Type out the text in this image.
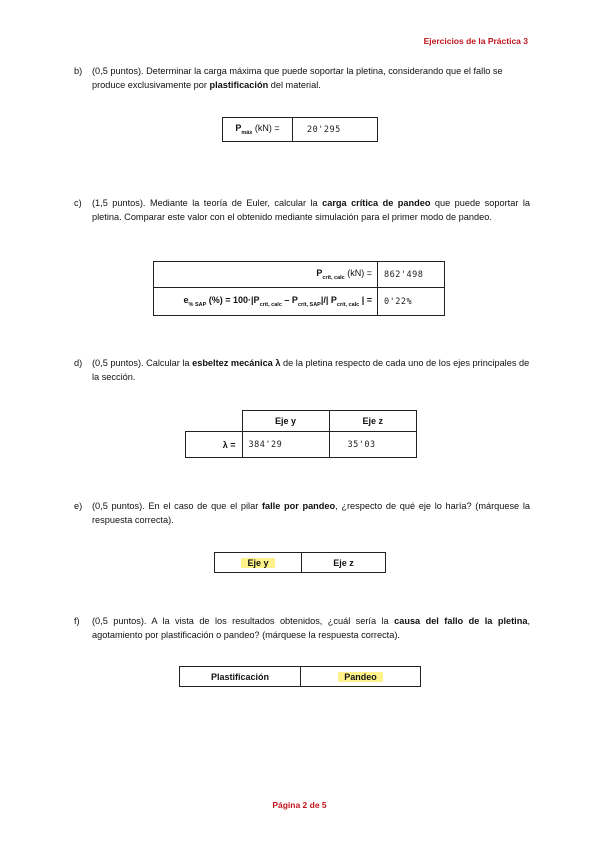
Ejercicios de la Práctica 3
b) (0,5 puntos). Determinar la carga máxima que puede soportar la pletina, considerando que el fallo se produce exclusivamente por plastificación del material.
$P_{máx}$ (kN) =	20'295
c) (1,5 puntos). Mediante la teoría de Euler, calcular la carga crítica de pandeo que puede soportar la pletina. Comparar este valor con el obtenido mediante simulación para el primer modo de pandeo.
$P_{crít, calc}$ (kN) =	862'498
$e_{\% SAP}$ (%) = $100\cdot|P_{crít, calc} - P_{crít, SAP}|/|$ $P_{crít, calc}$ | =	0'22%
d) (0,5 puntos). Calcular la esbeltez mecánica λ de la pletina respecto de cada uno de los ejes principales de la sección.
	Eje y	Eje z
λ =	384'29	35'03
e) (0,5 puntos). En el caso de que el pilar falle por pandeo, ¿respecto de qué eje lo haría? (márquese la respuesta correcta).
Eje y	Eje z
f) (0,5 puntos). A la vista de los resultados obtenidos, ¿cuál sería la causa del fallo de la pletina, agotamiento por plastificación o pandeo? (márquese la respuesta correcta).
Plastificación	Pandeo
Página 2 de 5
